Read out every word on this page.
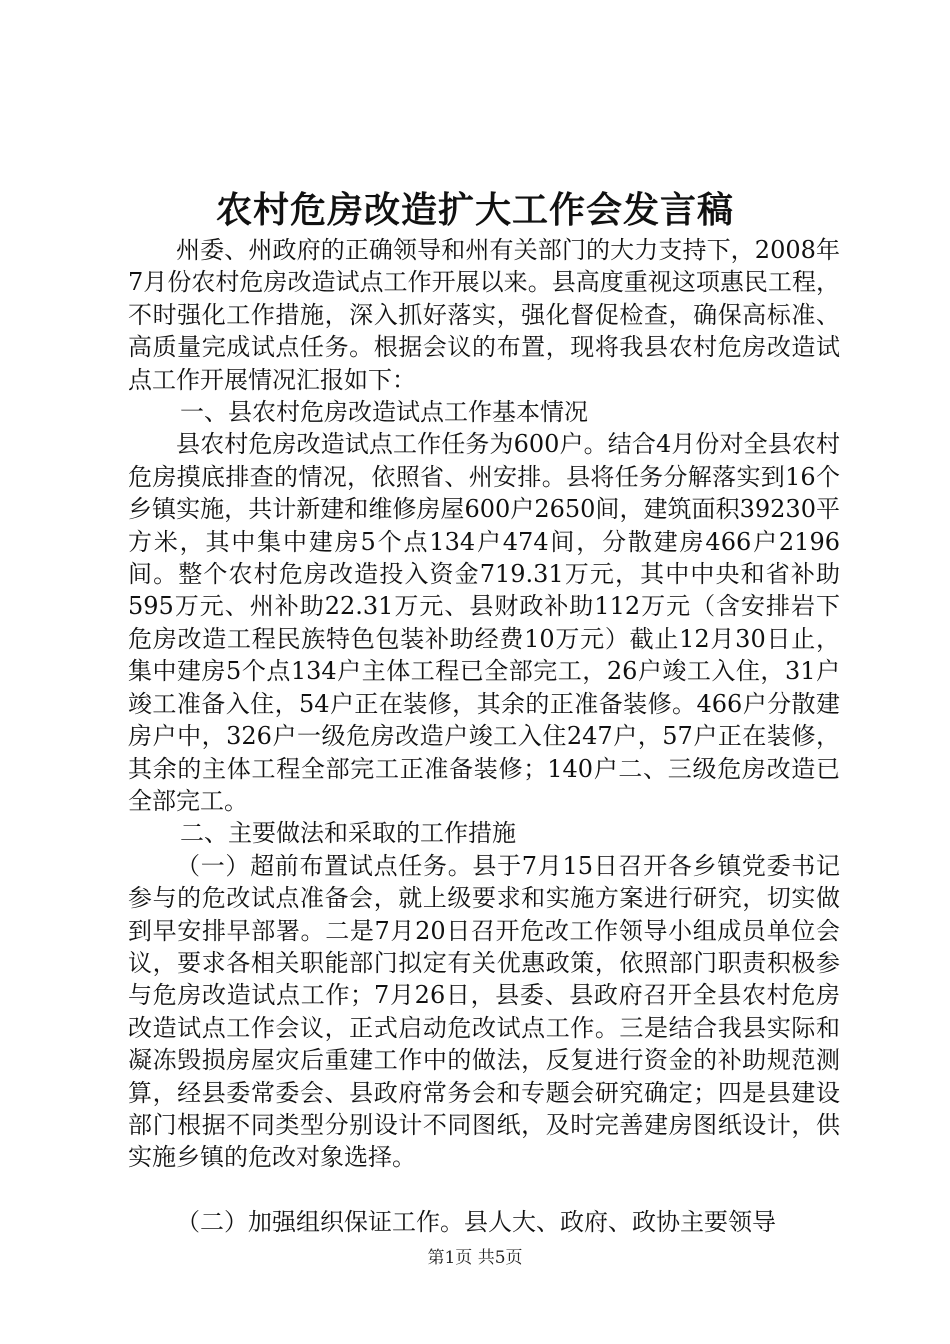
农村危房改造扩大工作会发言稿

州委、州政府的正确领导和州有关部门的大力支持下，2008年7月份农村危房改造试点工作开展以来。县高度重视这项惠民工程，不时强化工作措施，深入抓好落实，强化督促检查，确保高标准、高质量完成试点任务。根据会议的布置，现将我县农村危房改造试点工作开展情况汇报如下：

一、县农村危房改造试点工作基本情况

县农村危房改造试点工作任务为600户。结合4月份对全县农村危房摸底排查的情况，依照省、州安排。县将任务分解落实到16个乡镇实施，共计新建和维修房屋600户2650间，建筑面积39230平方米，其中集中建房5个点134户474间，分散建房466户2196间。整个农村危房改造投入资金719.31万元，其中中央和省补助595万元、州补助22.31万元、县财政补助112万元（含安排岩下危房改造工程民族特色包装补助经费10万元）截止12月30日止，集中建房5个点134户主体工程已全部完工，26户竣工入住，31户竣工准备入住，54户正在装修，其余的正准备装修。466户分散建房户中，326户一级危房改造户竣工入住247户，57户正在装修，其余的主体工程全部完工正准备装修；140户二、三级危房改造已全部完工。

二、主要做法和采取的工作措施

（一）超前布置试点任务。县于7月15日召开各乡镇党委书记参与的危改试点准备会，就上级要求和实施方案进行研究，切实做到早安排早部署。二是7月20日召开危改工作领导小组成员单位会议，要求各相关职能部门拟定有关优惠政策，依照部门职责积极参与危房改造试点工作；7月26日，县委、县政府召开全县农村危房改造试点工作会议，正式启动危改试点工作。三是结合我县实际和凝冻毁损房屋灾后重建工作中的做法，反复进行资金的补助规范测算，经县委常委会、县政府常务会和专题会研究确定；四是县建设部门根据不同类型分别设计不同图纸，及时完善建房图纸设计，供实施乡镇的危改对象选择。

（二）加强组织保证工作。县人大、政府、政协主要领导

第1页 共5页
